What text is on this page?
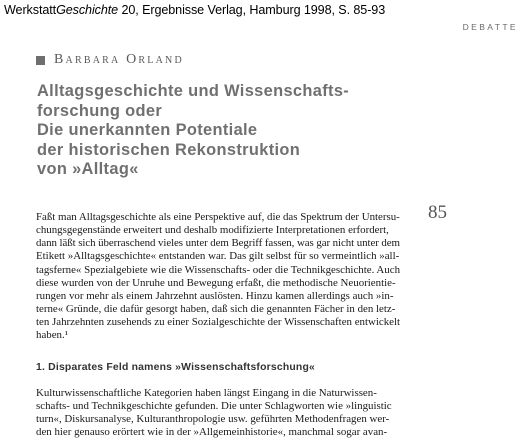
WerkstattGeschichte 20, Ergebnisse Verlag, Hamburg 1998, S. 85-93
DEBATTE
Barbara Orland
Alltagsgeschichte und Wissenschafts-
forschung oder
Die unerkannten Potentiale
der historischen Rekonstruktion
von »Alltag«
85
Faßt man Alltagsgeschichte als eine Perspektive auf, die das Spektrum der Untersu-
chungsgegenstände erweitert und deshalb modifizierte Interpretationen erfordert,
dann läßt sich überraschend vieles unter dem Begriff fassen, was gar nicht unter dem
Etikett »Alltagsgeschichte« entstanden war. Das gilt selbst für so vermeintlich »all-
tagsferne« Spezialgebiete wie die Wissenschafts- oder die Technikgeschichte. Auch
diese wurden von der Unruhe und Bewegung erfaßt, die methodische Neuorientie-
rungen vor mehr als einem Jahrzehnt auslösten. Hinzu kamen allerdings auch »in-
terne« Gründe, die dafür gesorgt haben, daß sich die genannten Fächer in den letz-
ten Jahrzehnten zusehends zu einer Sozialgeschichte der Wissenschaften entwickelt
haben.¹
1. Disparates Feld namens »Wissenschaftsforschung«
Kulturwissenschaftliche Kategorien haben längst Eingang in die Naturwissen-
schafts- und Technikgeschichte gefunden. Die unter Schlagworten wie »linguistic
turn«, Diskursanalyse, Kulturanthropologie usw. geführten Methodenfragen wer-
den hier genauso erörtert wie in der »Allgemeinhistorie«, manchmal sogar avan-
